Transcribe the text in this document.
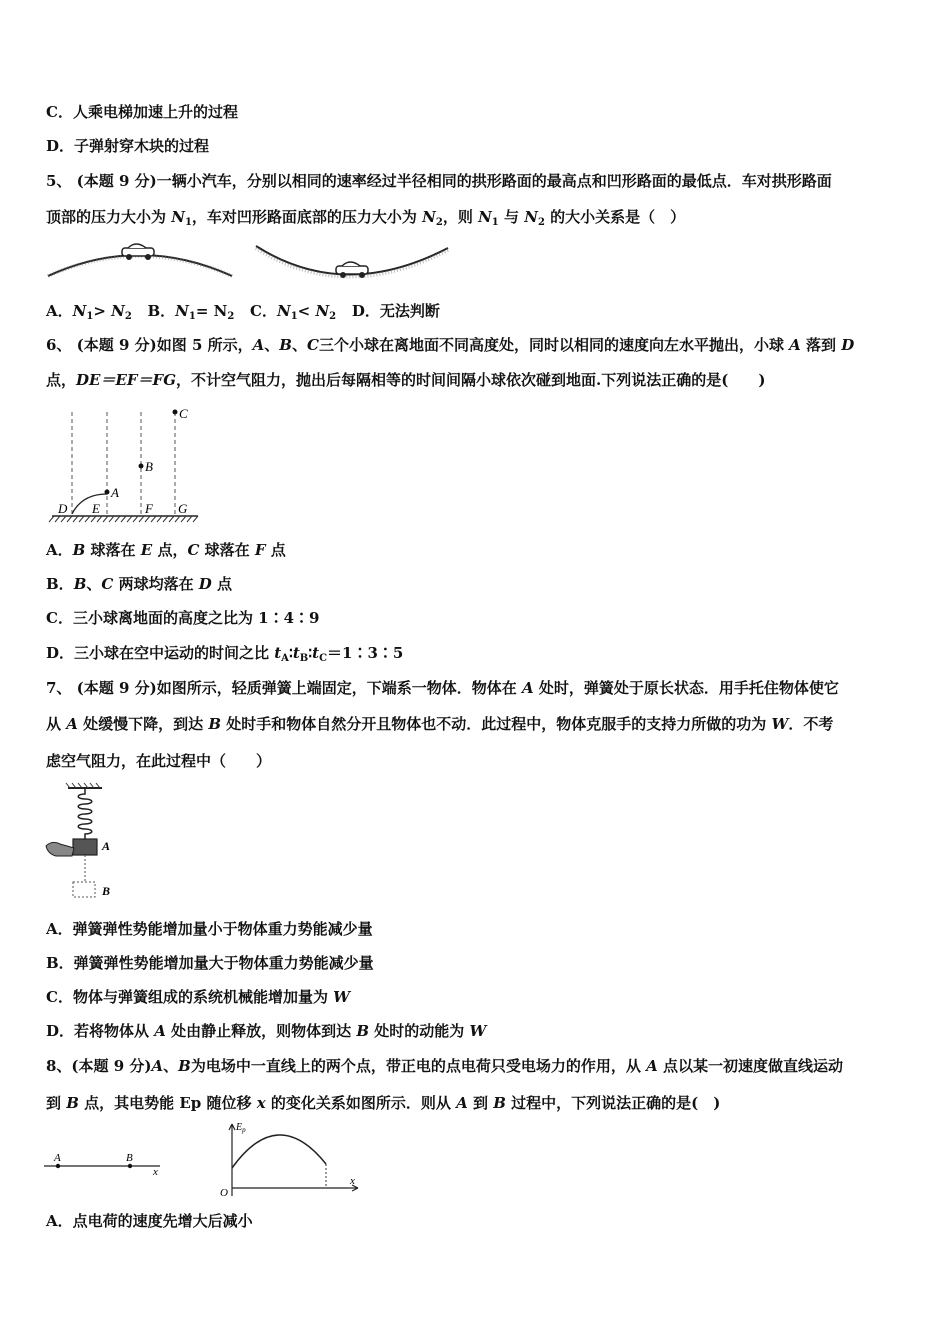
C．人乘电梯加速上升的过程
D．子弹射穿木块的过程
5、 (本题 9 分)一辆小汽车，分别以相同的速率经过半径相同的拱形路面的最高点和凹形路面的最低点．车对拱形路面
顶部的压力大小为 $N_1$，车对凹形路面底部的压力大小为 $N_2$，则 $N_1$ 与 $N_2$ 的大小关系是（　）
A．$N_1> N_2$ B．$N_1= N_2$ C．$N_1< N_2$ D．无法判断
6、 (本题 9 分)如图 5 所示，A、B、C三个小球在离地面不同高度处，同时以相同的速度向左水平抛出，小球 A 落到 D
点，DE＝EF＝FG，不计空气阻力，抛出后每隔相等的时间间隔小球依次碰到地面.下列说法正确的是(　　)
A
B
C
D E	F G
A．B 球落在 E 点，C 球落在 F 点
B．B、C 两球均落在 D 点
C．三小球离地面的高度之比为 1∶4∶9
D．三小球在空中运动的时间之比 $t_A∶t_B∶t_C=1∶3∶5$
7、 (本题 9 分)如图所示，轻质弹簧上端固定，下端系一物体．物体在 A 处时，弹簧处于原长状态．用手托住物体使它
从 A 处缓慢下降，到达 B 处时手和物体自然分开且物体也不动．此过程中，物体克服手的支持力所做的功为 W．不考
虑空气阻力，在此过程中（　　）
A
B
A．弹簧弹性势能增加量小于物体重力势能减少量
B．弹簧弹性势能增加量大于物体重力势能减少量
C．物体与弹簧组成的系统机械能增加量为 W
D．若将物体从 A 处由静止释放，则物体到达 B 处时的动能为 W
8、(本题 9 分)A、B为电场中一直线上的两个点，带正电的点电荷只受电场力的作用，从 A 点以某一初速度做直线运动
到 B 点，其电势能 Ep 随位移 x 的变化关系如图所示．则从 A 到 B 过程中，下列说法正确的是(　)
A	B
x
$E_p$
O
x
A．点电荷的速度先增大后减小
